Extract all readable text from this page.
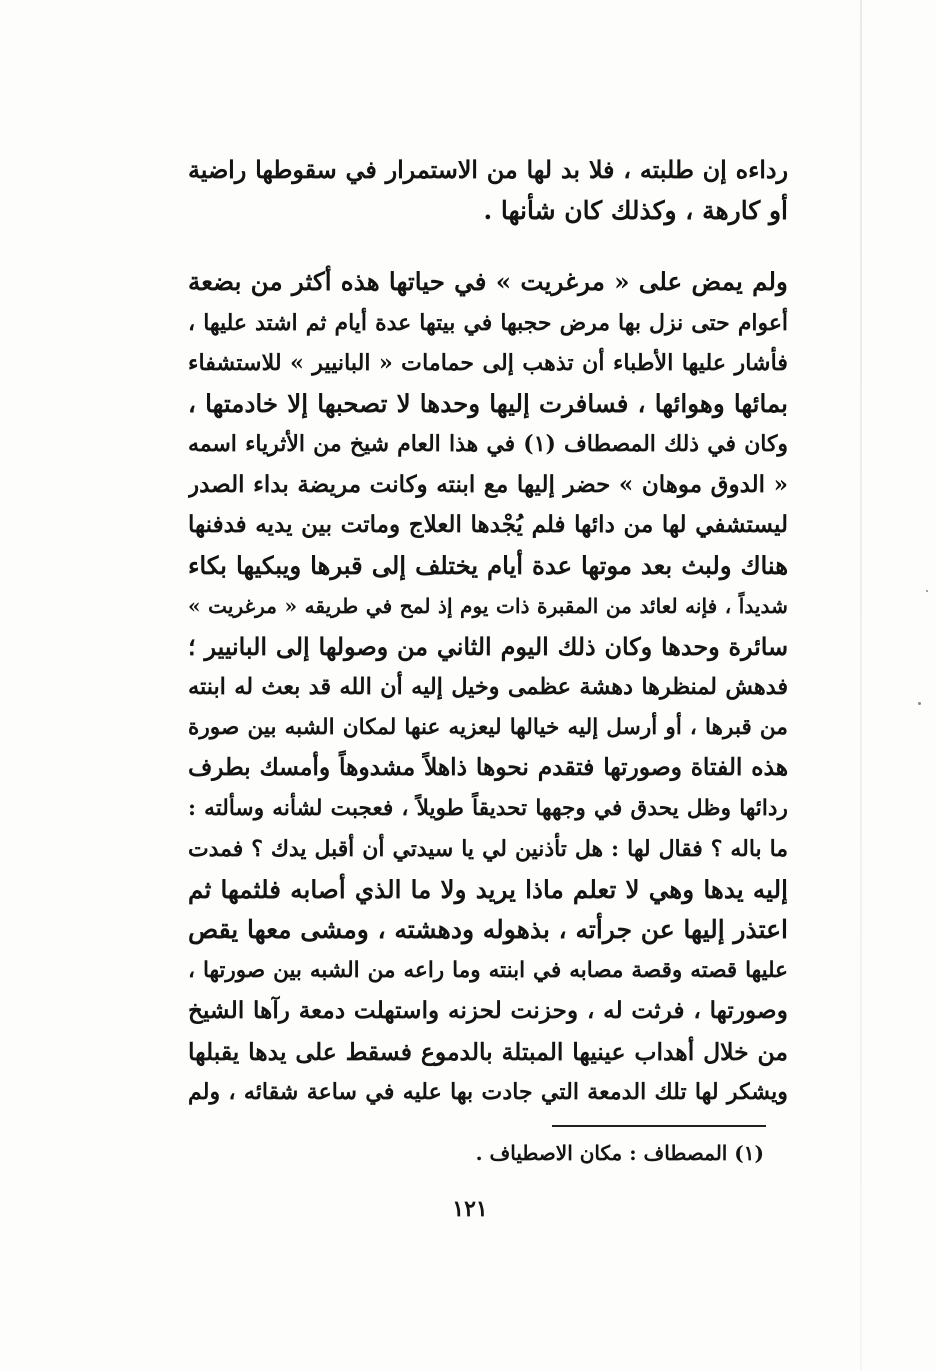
رداءه إن طلبته ، فلا بد لها من الاستمرار في سقوطها راضية
أو كارهة ، وكذلك كان شأنها .
ولم يمض على « مرغريت » في حياتها هذه أكثر من بضعة
أعوام حتى نزل بها مرض حجبها في بيتها عدة أيام ثم اشتد عليها ،
فأشار عليها الأطباء أن تذهب إلى حمامات « البانيير » للاستشفاء
بمائها وهوائها ، فسافرت إليها وحدها لا تصحبها إلا خادمتها ،
وكان في ذلك المصطاف (١) في هذا العام شيخ من الأثرياء اسمه
« الدوق موهان » حضر إليها مع ابنته وكانت مريضة بداء الصدر
ليستشفي لها من دائها فلم يُجْدها العلاج وماتت بين يديه فدفنها
هناك ولبث بعد موتها عدة أيام يختلف إلى قبرها ويبكيها بكاء
شديداً ، فإنه لعائد من المقبرة ذات يوم إذ لمح في طريقه « مرغريت »
سائرة وحدها وكان ذلك اليوم الثاني من وصولها إلى البانيير ؛
فدهش لمنظرها دهشة عظمى وخيل إليه أن الله قد بعث له ابنته
من قبرها ، أو أرسل إليه خيالها ليعزيه عنها لمكان الشبه بين صورة
هذه الفتاة وصورتها فتقدم نحوها ذاهلاً مشدوهاً وأمسك بطرف
ردائها وظل يحدق في وجهها تحديقاً طويلاً ، فعجبت لشأنه وسألته :
ما باله ؟ فقال لها : هل تأذنين لي يا سيدتي أن أقبل يدك ؟ فمدت
إليه يدها وهي لا تعلم ماذا يريد ولا ما الذي أصابه فلثمها ثم
اعتذر إليها عن جرأته ، بذهوله ودهشته ، ومشى معها يقص
عليها قصته وقصة مصابه في ابنته وما راعه من الشبه بين صورتها ،
وصورتها ، فرثت له ، وحزنت لحزنه واستهلت دمعة رآها الشيخ
من خلال أهداب عينيها المبتلة بالدموع فسقط على يدها يقبلها
ويشكر لها تلك الدمعة التي جادت بها عليه في ساعة شقائه ، ولم
(١) المصطاف : مكان الاصطياف .
١٢١
